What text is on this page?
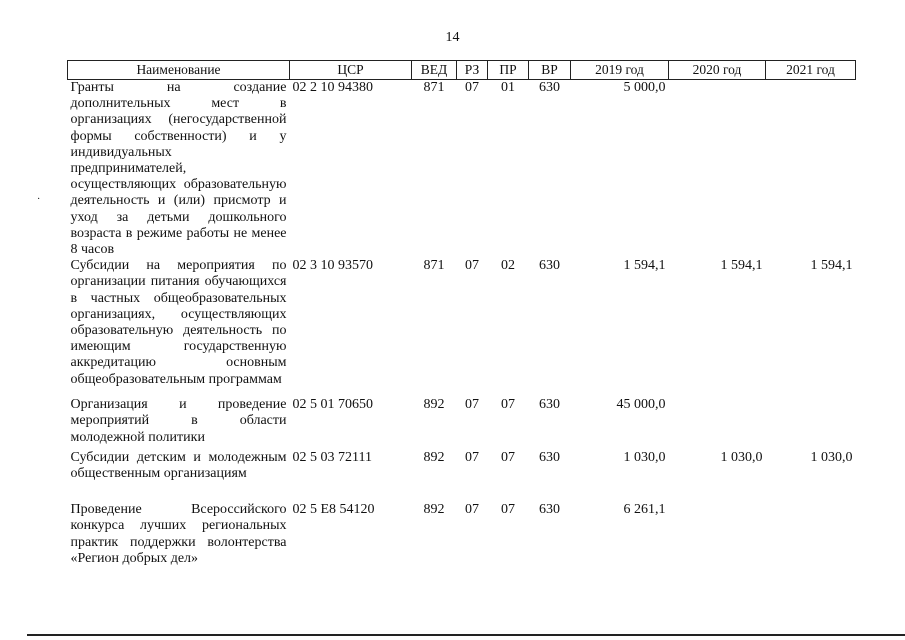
14
·
Наименование	ЦСР	ВЕД	РЗ	ПР	ВР	2019 год	2020 год	2021 год
Гранты на создание дополнительных мест в организациях (негосударственной формы собственности) и у индивидуальных предпринимателей, осуществляющих образовательную деятельность и (или) присмотр и уход за детьми дошкольного возраста в режиме работы не менее 8 часов	02 2 10 94380	871	07	01	630	5 000,0		
Субсидии на мероприятия по организации питания обучающихся в частных общеобразовательных организациях, осуществляющих образовательную деятельность по имеющим государственную аккредитацию основным общеобразовательным программам	02 3 10 93570	871	07	02	630	1 594,1	1 594,1	1 594,1
Организация и проведение мероприятий в области молодежной политики	02 5 01 70650	892	07	07	630	45 000,0		
Субсидии детским и молодежным общественным организациям	02 5 03 72111	892	07	07	630	1 030,0	1 030,0	1 030,0
Проведение Всероссийского конкурса лучших региональных практик поддержки волонтерства «Регион добрых дел»	02 5 E8 54120	892	07	07	630	6 261,1		
